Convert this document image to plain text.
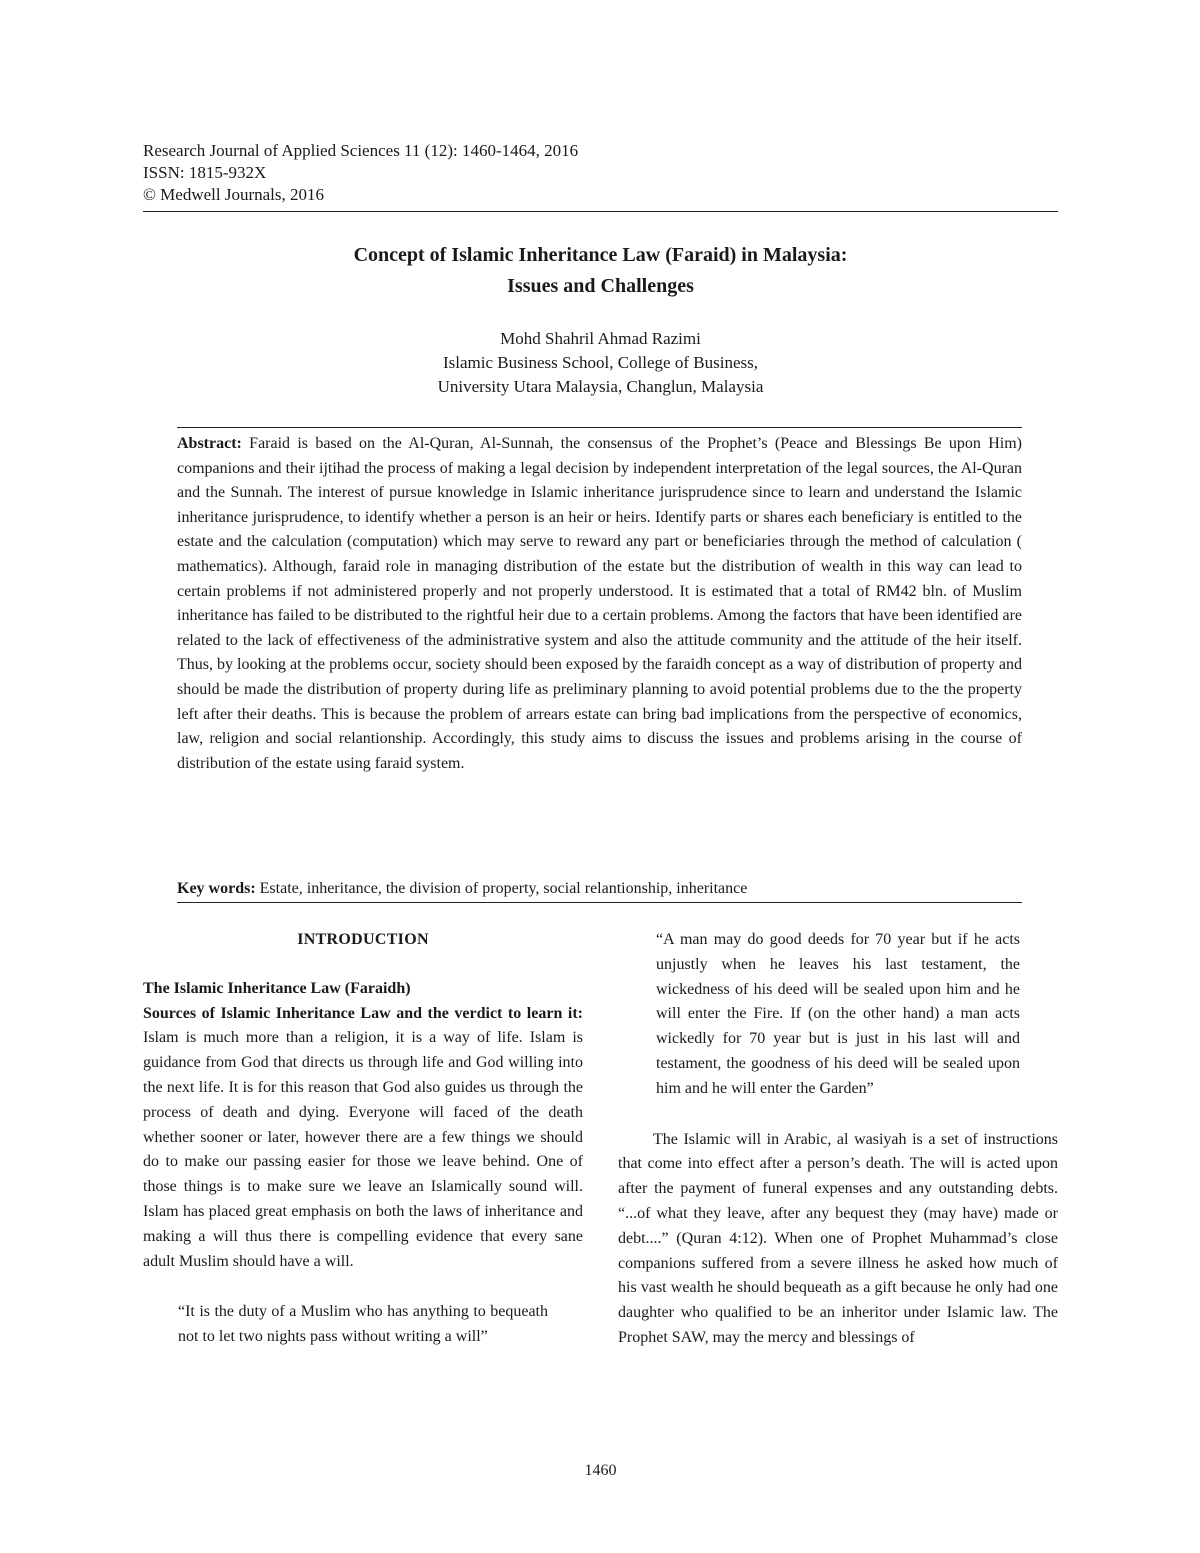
Research Journal of Applied Sciences 11 (12): 1460-1464, 2016
ISSN: 1815-932X
© Medwell Journals, 2016
Concept of Islamic Inheritance Law (Faraid) in Malaysia:
Issues and Challenges
Mohd Shahril Ahmad Razimi
Islamic Business School, College of Business,
University Utara Malaysia, Changlun, Malaysia
Abstract: Faraid is based on the Al-Quran, Al-Sunnah, the consensus of the Prophet’s (Peace and Blessings Be upon Him) companions and their ijtihad the process of making a legal decision by independent interpretation of the legal sources, the Al-Quran and the Sunnah. The interest of pursue knowledge in Islamic inheritance jurisprudence since to learn and understand the Islamic inheritance jurisprudence, to identify whether a person is an heir or heirs. Identify parts or shares each beneficiary is entitled to the estate and the calculation (computation) which may serve to reward any part or beneficiaries through the method of calculation ( mathematics). Although, faraid role in managing distribution of the estate but the distribution of wealth in this way can lead to certain problems if not administered properly and not properly understood. It is estimated that a total of RM42 bln. of Muslim inheritance has failed to be distributed to the rightful heir due to a certain problems. Among the factors that have been identified are related to the lack of effectiveness of the administrative system and also the attitude community and the attitude of the heir itself. Thus, by looking at the problems occur, society should been exposed by the faraidh concept as a way of distribution of property and should be made the distribution of property during life as preliminary planning to avoid potential problems due to the the property left after their deaths. This is because the problem of arrears estate can bring bad implications from the perspective of economics, law, religion and social relantionship. Accordingly, this study aims to discuss the issues and problems arising in the course of distribution of the estate using faraid system.
Key words: Estate, inheritance, the division of property, social relantionship, inheritance

INTRODUCTION

The Islamic Inheritance Law (Faraidh)

Sources of Islamic Inheritance Law and the verdict to learn it: Islam is much more than a religion, it is a way of life. Islam is guidance from God that directs us through life and God willing into the next life. It is for this reason that God also guides us through the process of death and dying. Everyone will faced of the death whether sooner or later, however there are a few things we should do to make our passing easier for those we leave behind. One of those things is to make sure we leave an Islamically sound will. Islam has placed great emphasis on both the laws of inheritance and making a will thus there is compelling evidence that every sane adult Muslim should have a will.

“It is the duty of a Muslim who has anything to bequeath not to let two nights pass without writing a will”

“A man may do good deeds for 70 year but if he acts unjustly when he leaves his last testament, the wickedness of his deed will be sealed upon him and he will enter the Fire. If (on the other hand) a man acts wickedly for 70 year but is just in his last will and testament, the goodness of his deed will be sealed upon him and he will enter the Garden”

The Islamic will in Arabic, al wasiyah is a set of instructions that come into effect after a person’s death. The will is acted upon after the payment of funeral expenses and any outstanding debts. “...of what they leave, after any bequest they (may have) made or debt....” (Quran 4:12). When one of Prophet Muhammad’s close companions suffered from a severe illness he asked how much of his vast wealth he should bequeath as a gift because he only had one daughter who qualified to be an inheritor under Islamic law. The Prophet SAW, may the mercy and blessings of

1460
